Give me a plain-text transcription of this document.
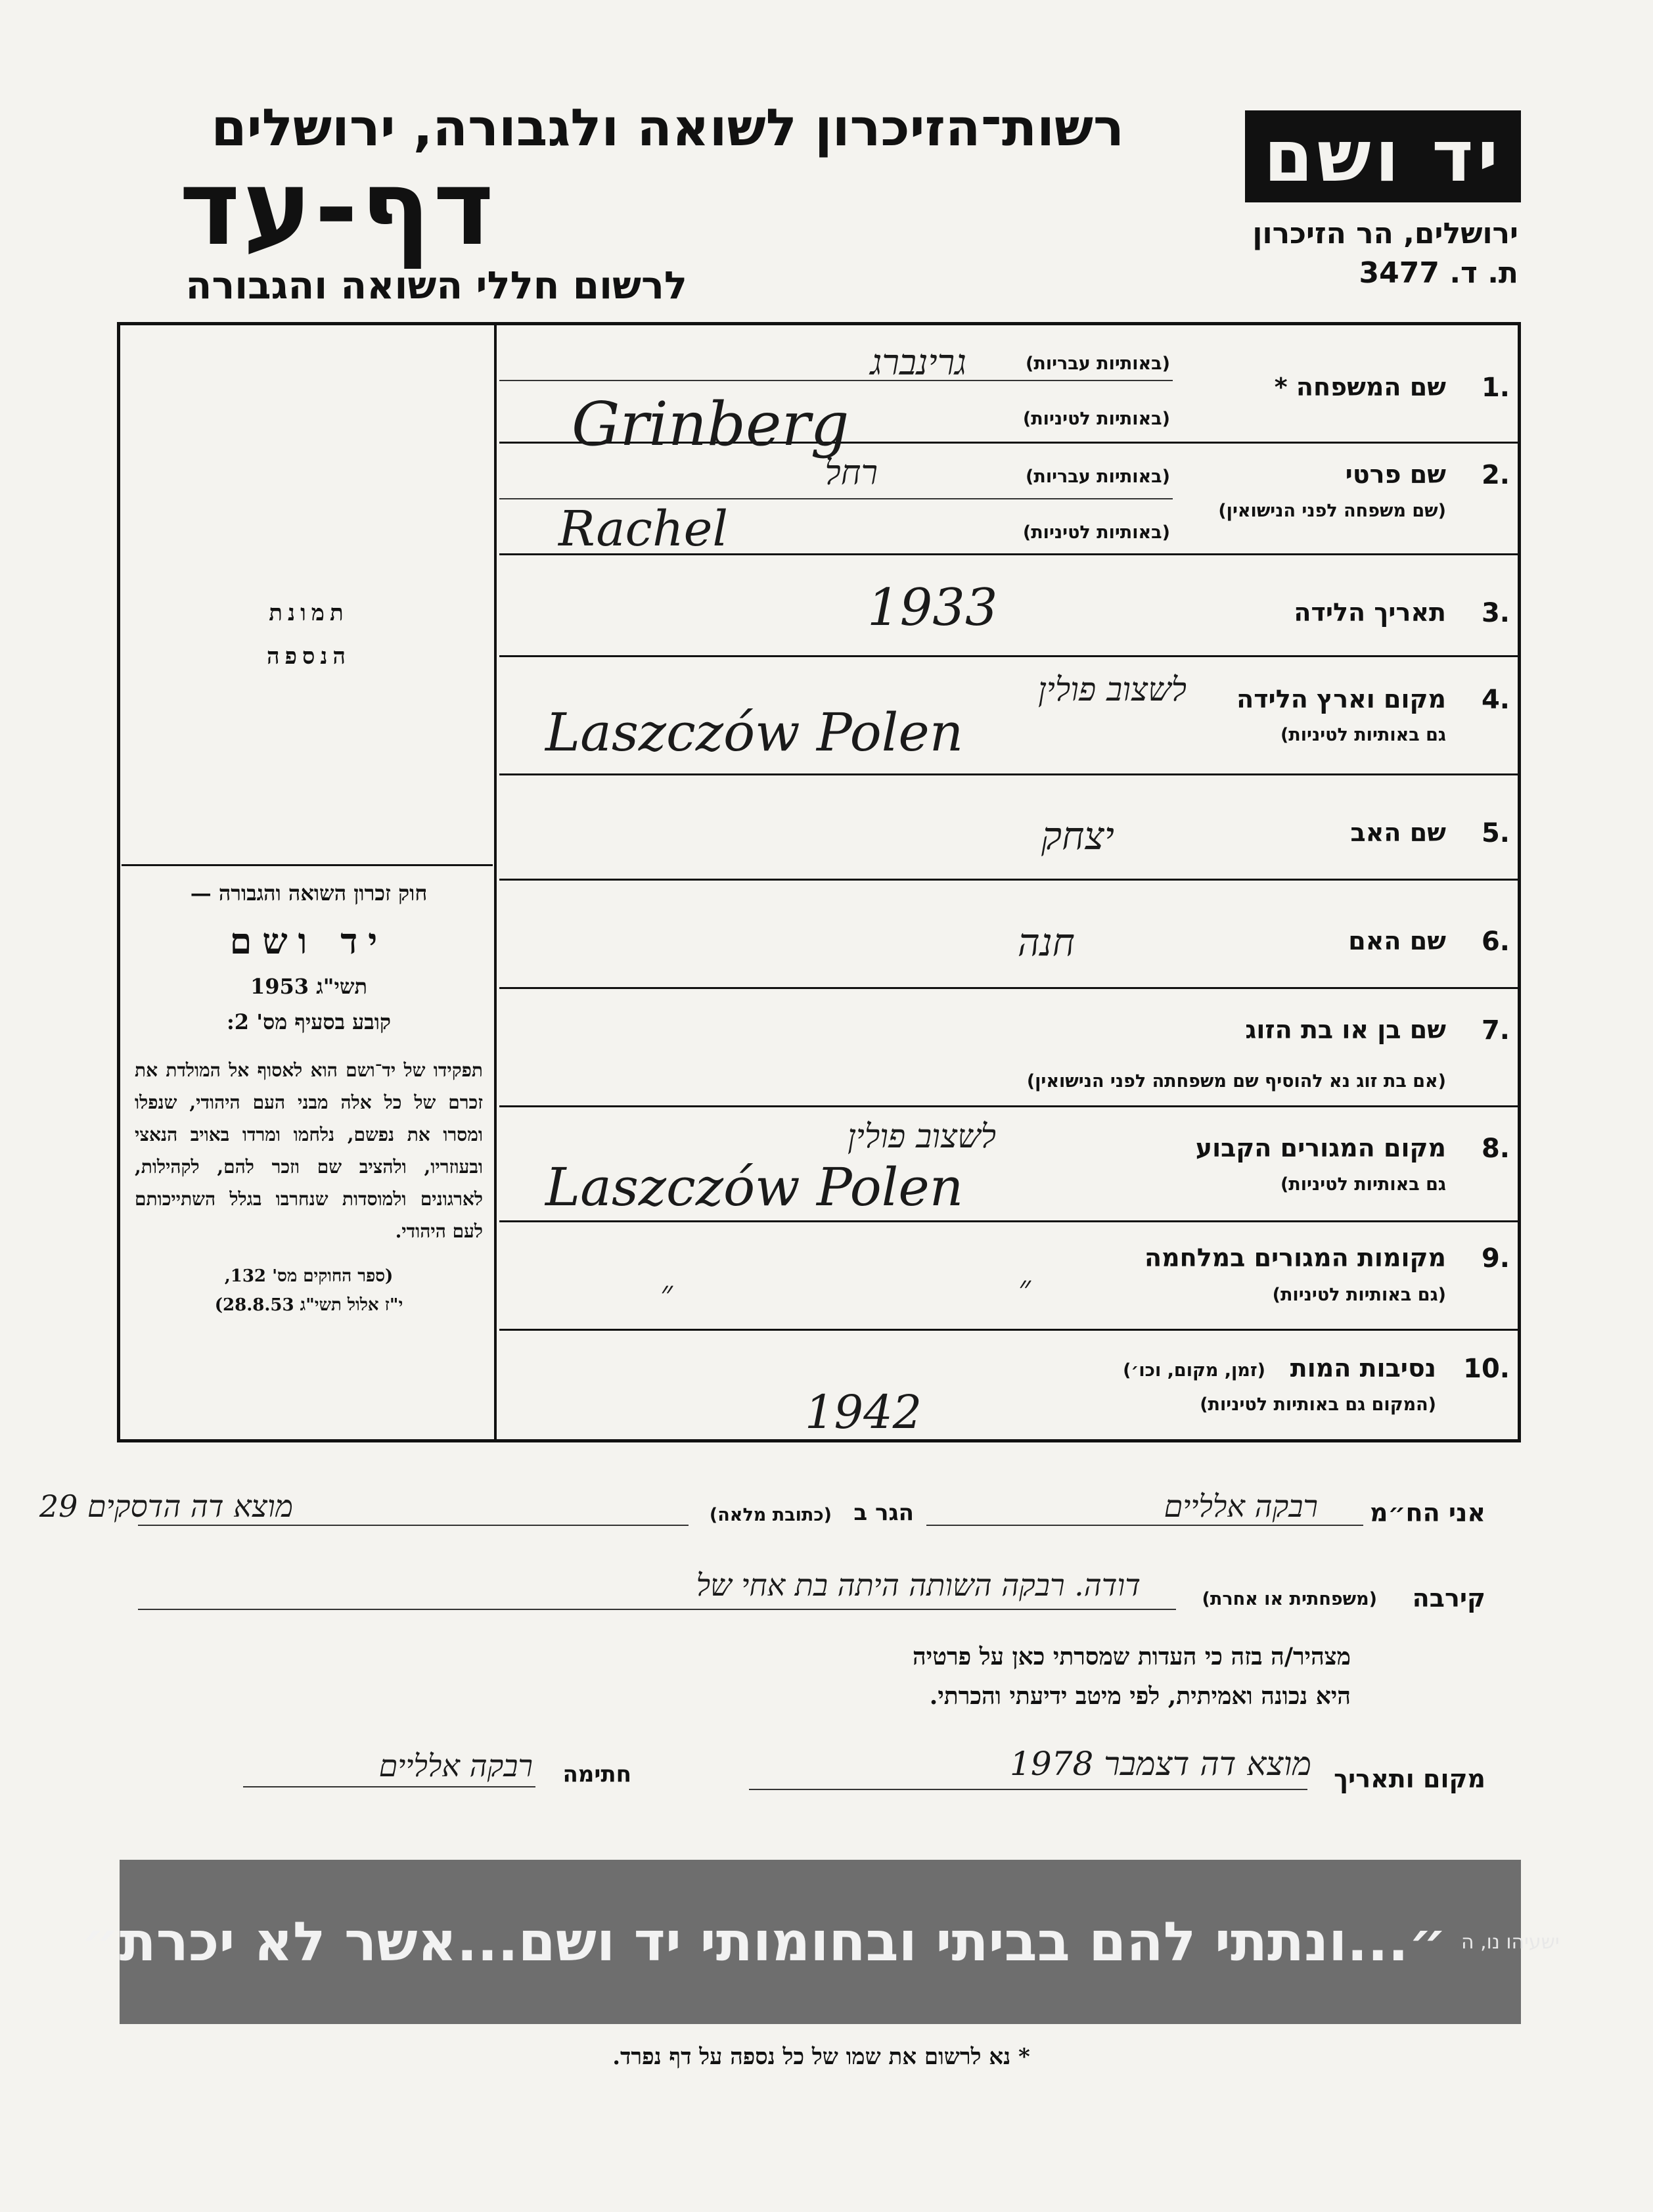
יד ושם
ירושלים, הר הזיכרון
ת. ד. 3477
רשות־הזיכרון לשואה ולגבורה, ירושלים
דף-עד
לרשום חללי השואה והגבורה
תמונת
הנספה
חוק זכרון השואה והגבורה —
יד ושם
תשי"ג 1953
קובע בסעיף מס' 2:
תפקידו של יד־ושם הוא לאסוף אל המולדת את זכרם של כל אלה מבני העם היהודי, שנפלו ומסרו את נפשם, נלחמו ומרדו באויב הנאצי ובעוזריו, ולהציב שם וזכר להם, לקהילות, לארגונים ולמוסדות שנחרבו בגלל השתייכותם לעם היהודי.
(ספר החוקים מס' 132,
י"ז אלול תשי"ג 28.8.53)
1.
שם המשפחה *
(באותיות עבריות)
(באותיות לטיניות)
גרינברג
Grinberg
2.
שם פרטי
(שם משפחה לפני הנישואין)
(באותיות עבריות)
(באותיות לטיניות)
רחל
Rachel
3.
תאריך הלידה
1933
4.
מקום וארץ הלידה
גם באותיות לטיניות)
לשצוב פולין
Laszczów Polen
5.
שם האב
יצחק
6.
שם האם
חנה
7.
שם בן או בת הזוג
(אם בת זוג נא להוסיף שם משפחתה לפני הנישואין)
8.
מקום המגורים הקבוע
גם באותיות לטיניות)
לשצוב פולין
Laszczów Polen
9.
מקומות המגורים במלחמה
(גם באותיות לטיניות)
״	״
10.
נסיבות המות
(זמן, מקום, וכו׳)
(המקום גם באותיות לטיניות)
1942
אני הח״מ
רבקה אלליים
הגר ב
(כתובת מלאה)
מוצא דה הדסקים 29
קירבה
(משפחתית או אחרת)
דודה. רבקה השותה היתה בת אחי של
מצהיר/ה בזה כי העדות שמסרתי כאן על פרטיה
היא נכונה ואמיתית, לפי מיטב ידיעתי והכרתי.
מקום ותאריך
מוצא דה דצמבר 1978
חתימה
רבקה אלליים
ישעיהו נו, ה
״...ונתתי להם בביתי ובחומותי יד ושם...אשר לא יכרת״
* נא לרשום את שמו של כל נספה על דף נפרד.
